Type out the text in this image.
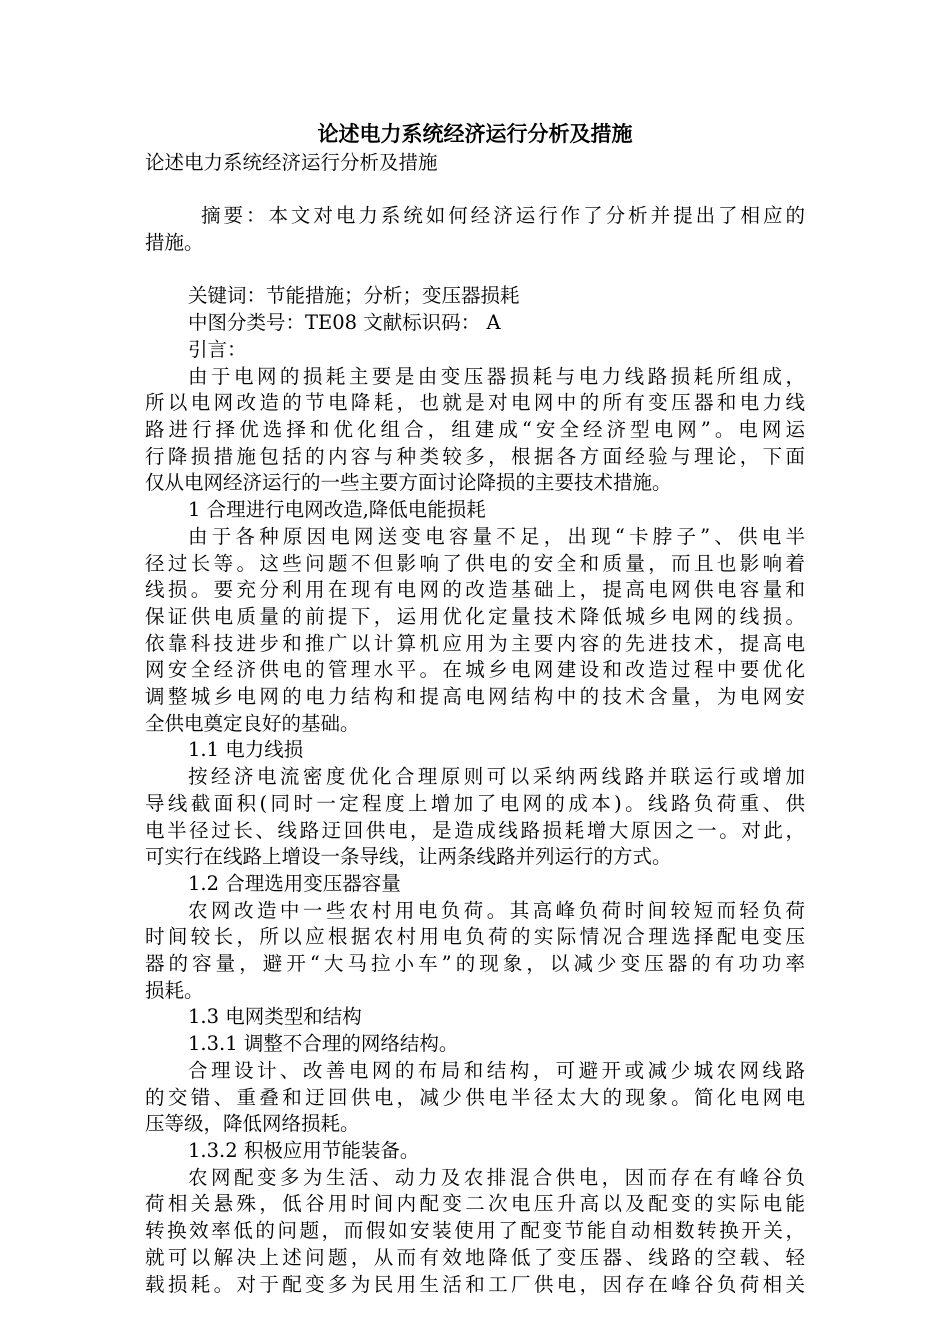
论述电力系统经济运行分析及措施

论述电力系统经济运行分析及措施

摘要：本文对电力系统如何经济运行作了分析并提出了相应的

措施。

关键词：节能措施；分析；变压器损耗

中图分类号：TE08 文献标识码： A

引言：

由于电网的损耗主要是由变压器损耗与电力线路损耗所组成，

所以电网改造的节电降耗，也就是对电网中的所有变压器和电力线

路进行择优选择和优化组合，组建成“安全经济型电网”。电网运

行降损措施包括的内容与种类较多，根据各方面经验与理论，下面

仅从电网经济运行的一些主要方面讨论降损的主要技术措施。

1 合理进行电网改造,降低电能损耗

由于各种原因电网送变电容量不足，出现“卡脖子”、供电半

径过长等。这些问题不但影响了供电的安全和质量，而且也影响着

线损。要充分利用在现有电网的改造基础上，提高电网供电容量和

保证供电质量的前提下，运用优化定量技术降低城乡电网的线损。

依靠科技进步和推广以计算机应用为主要内容的先进技术，提高电

网安全经济供电的管理水平。在城乡电网建设和改造过程中要优化

调整城乡电网的电力结构和提高电网结构中的技术含量，为电网安

全供电奠定良好的基础。

1.1 电力线损

按经济电流密度优化合理原则可以采纳两线路并联运行或增加

导线截面积(同时一定程度上增加了电网的成本)。线路负荷重、供

电半径过长、线路迂回供电，是造成线路损耗增大原因之一。对此，

可实行在线路上增设一条导线，让两条线路并列运行的方式。

1.2 合理选用变压器容量

农网改造中一些农村用电负荷。其高峰负荷时间较短而轻负荷

时间较长，所以应根据农村用电负荷的实际情况合理选择配电变压

器的容量，避开“大马拉小车”的现象，以减少变压器的有功功率

损耗。

1.3 电网类型和结构

1.3.1 调整不合理的网络结构。

合理设计、改善电网的布局和结构，可避开或减少城农网线路

的交错、重叠和迂回供电，减少供电半径太大的现象。简化电网电

压等级，降低网络损耗。

1.3.2 积极应用节能装备。

农网配变多为生活、动力及农排混合供电，因而存在有峰谷负

荷相关悬殊，低谷用时间内配变二次电压升高以及配变的实际电能

转换效率低的问题，而假如安装使用了配变节能自动相数转换开关，

就可以解决上述问题，从而有效地降低了变压器、线路的空载、轻

载损耗。对于配变多为民用生活和工厂供电，因存在峰谷负荷相关
